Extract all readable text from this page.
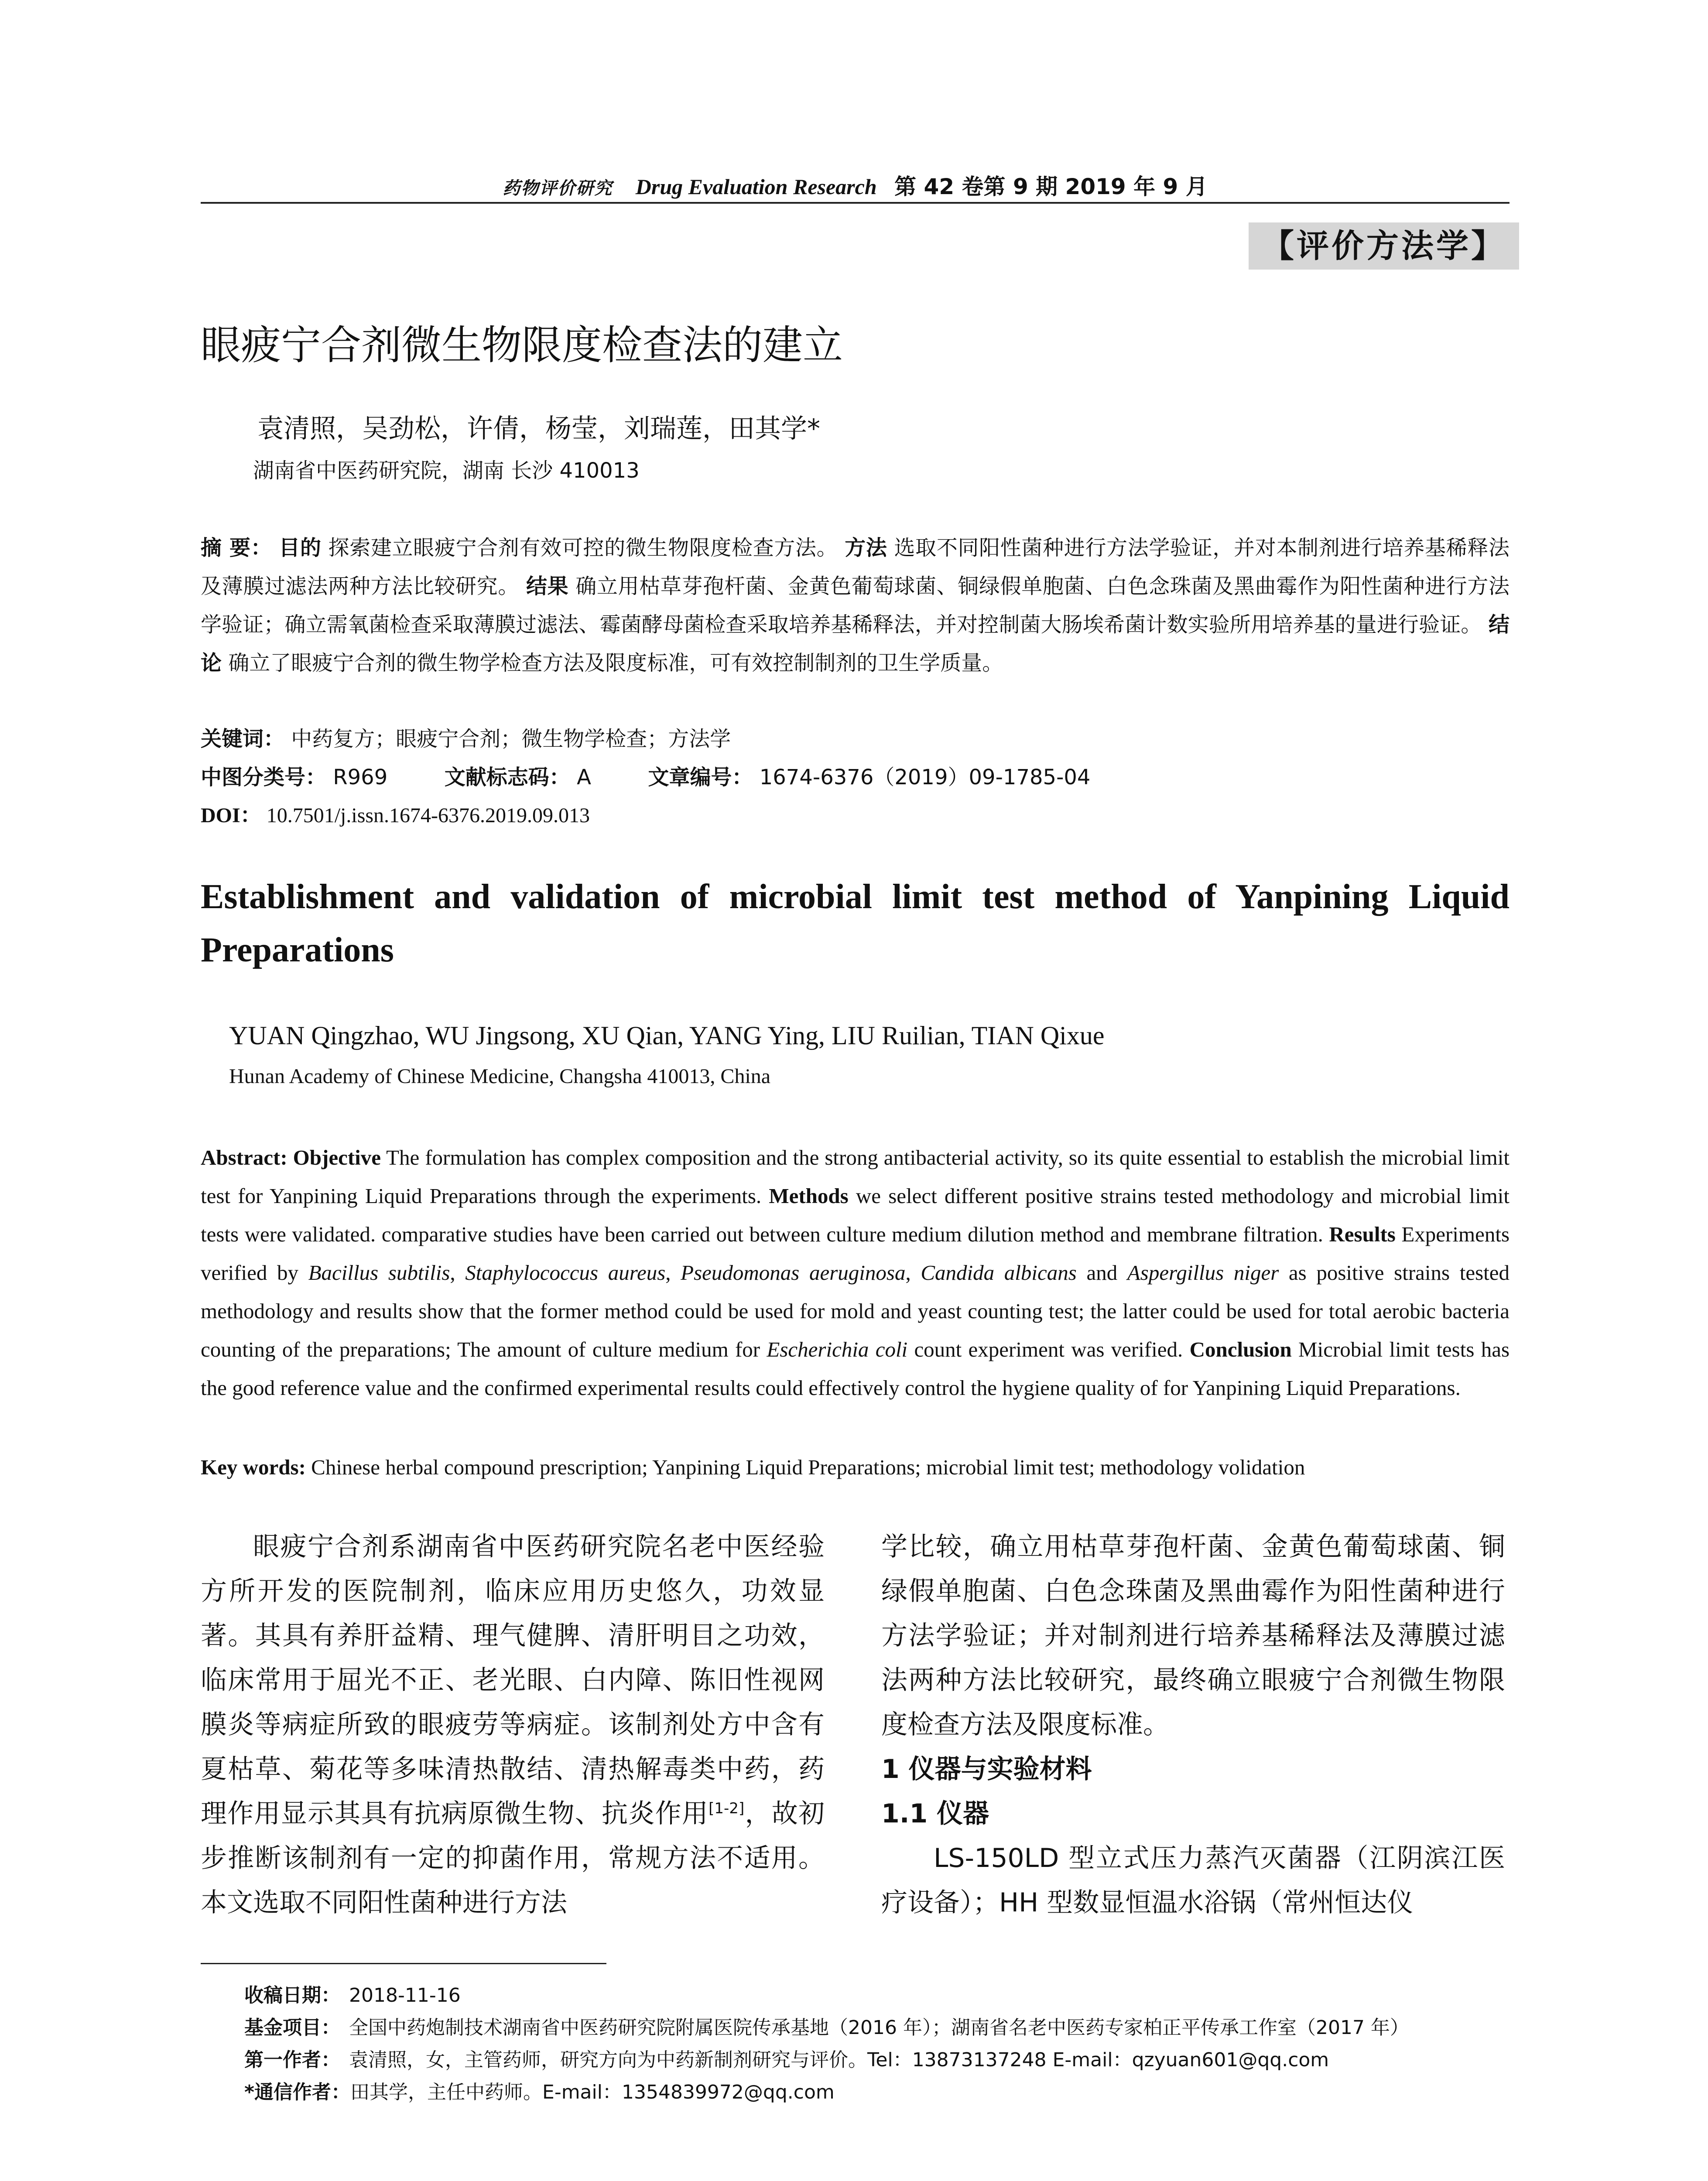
药物评价研究 Drug Evaluation Research 第 42 卷第 9 期 2019 年 9 月
【评价方法学】
眼疲宁合剂微生物限度检查法的建立
袁清照，吴劲松，许倩，杨莹，刘瑞莲，田其学*
湖南省中医药研究院，湖南 长沙 410013
摘 要： 目的 探索建立眼疲宁合剂有效可控的微生物限度检查方法。 方法 选取不同阳性菌种进行方法学验证，并对本制剂进行培养基稀释法及薄膜过滤法两种方法比较研究。 结果 确立用枯草芽孢杆菌、金黄色葡萄球菌、铜绿假单胞菌、白色念珠菌及黑曲霉作为阳性菌种进行方法学验证；确立需氧菌检查采取薄膜过滤法、霉菌酵母菌检查采取培养基稀释法，并对控制菌大肠埃希菌计数实验所用培养基的量进行验证。 结论 确立了眼疲宁合剂的微生物学检查方法及限度标准，可有效控制制剂的卫生学质量。
关键词： 中药复方；眼疲宁合剂；微生物学检查；方法学
中图分类号： R969	文献标志码： A	文章编号： 1674-6376（2019）09-1785-04
DOI： 10.7501/j.issn.1674-6376.2019.09.013
Establishment and validation of microbial limit test method of Yanpining Liquid Preparations
YUAN Qingzhao, WU Jingsong, XU Qian, YANG Ying, LIU Ruilian, TIAN Qixue
Hunan Academy of Chinese Medicine, Changsha 410013, China
Abstract: Objective The formulation has complex composition and the strong antibacterial activity, so its quite essential to establish the microbial limit test for Yanpining Liquid Preparations through the experiments. Methods we select different positive strains tested methodology and microbial limit tests were validated. comparative studies have been carried out between culture medium dilution method and membrane filtration. Results Experiments verified by Bacillus subtilis, Staphylococcus aureus, Pseudomonas aeruginosa, Candida albicans and Aspergillus niger as positive strains tested methodology and results show that the former method could be used for mold and yeast counting test; the latter could be used for total aerobic bacteria counting of the preparations; The amount of culture medium for Escherichia coli count experiment was verified. Conclusion Microbial limit tests has the good reference value and the confirmed experimental results could effectively control the hygiene quality of for Yanpining Liquid Preparations.
Key words: Chinese herbal compound prescription; Yanpining Liquid Preparations; microbial limit test; methodology volidation

眼疲宁合剂系湖南省中医药研究院名老中医经验方所开发的医院制剂，临床应用历史悠久，功效显著。其具有养肝益精、理气健脾、清肝明目之功效，临床常用于屈光不正、老光眼、白内障、陈旧性视网膜炎等病症所致的眼疲劳等病症。该制剂处方中含有夏枯草、菊花等多味清热散结、清热解毒类中药，药理作用显示其具有抗病原微生物、抗炎作用[1-2]，故初步推断该制剂有一定的抑菌作用，常规方法不适用。本文选取不同阳性菌种进行方法

学比较，确立用枯草芽孢杆菌、金黄色葡萄球菌、铜绿假单胞菌、白色念珠菌及黑曲霉作为阳性菌种进行方法学验证；并对制剂进行培养基稀释法及薄膜过滤法两种方法比较研究，最终确立眼疲宁合剂微生物限度检查方法及限度标准。

1 仪器与实验材料

1.1 仪器

LS-150LD 型立式压力蒸汽灭菌器（江阴滨江医疗设备）；HH 型数显恒温水浴锅（常州恒达仪

收稿日期： 2018-11-16
基金项目： 全国中药炮制技术湖南省中医药研究院附属医院传承基地（2016 年）；湖南省名老中医药专家柏正平传承工作室（2017 年）
第一作者： 袁清照，女，主管药师，研究方向为中药新制剂研究与评价。Tel：13873137248 E-mail：qzyuan601@qq.com
*通信作者：田其学，主任中药师。E-mail：1354839972@qq.com
